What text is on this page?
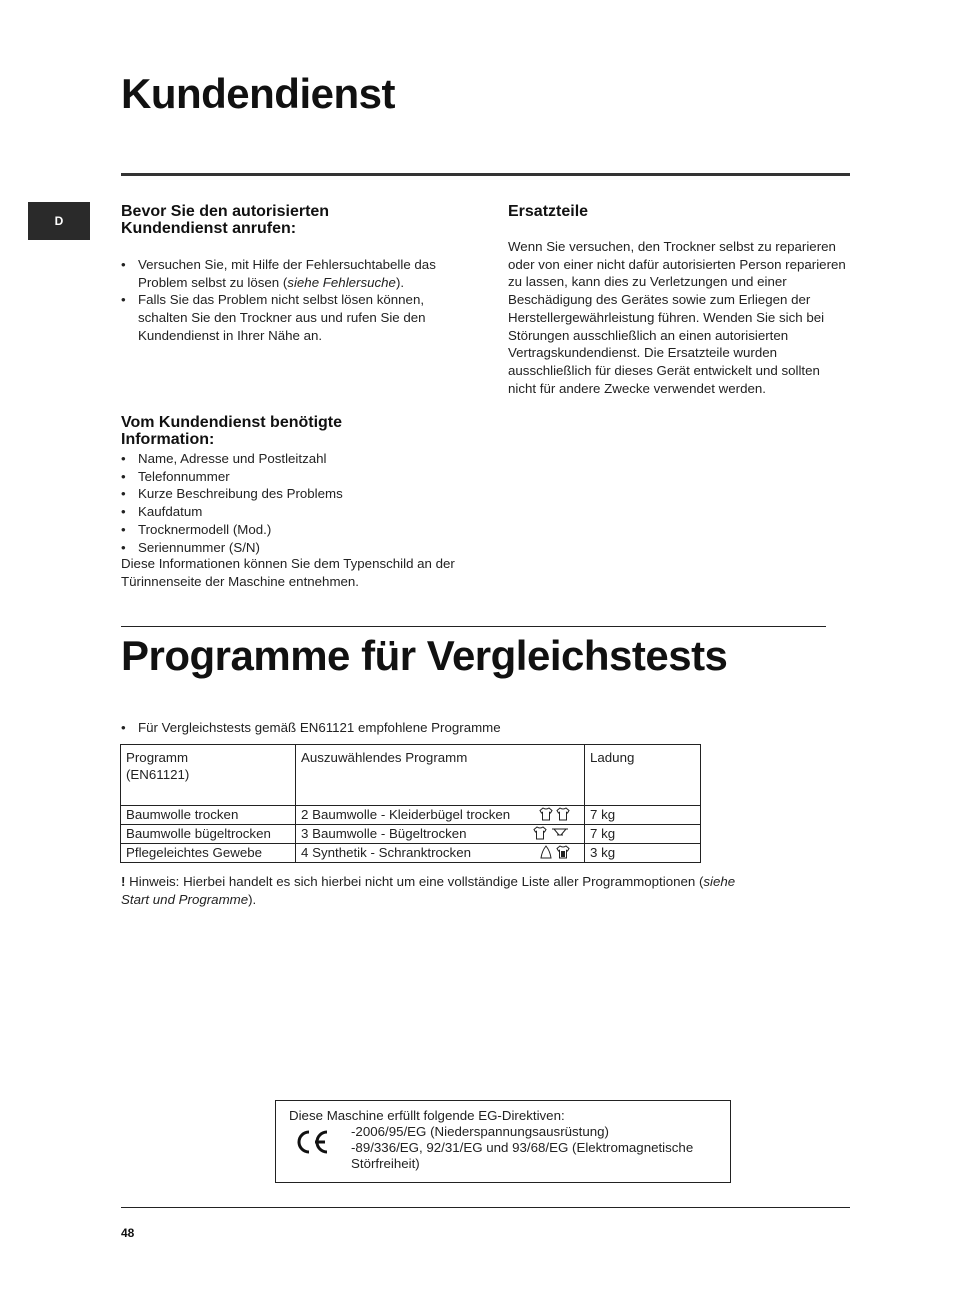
Kundendienst
D
Bevor Sie den autorisierten Kundendienst anrufen:
• Versuchen Sie, mit Hilfe der Fehlersuchtabelle das Problem selbst zu lösen (siehe Fehlersuche).
• Falls Sie das Problem nicht selbst lösen können, schalten Sie den Trockner aus und rufen Sie den Kundendienst in Ihrer Nähe an.
Vom Kundendienst benötigte Information:
• Name, Adresse und Postleitzahl
• Telefonnummer
• Kurze Beschreibung des Problems
• Kaufdatum
• Trocknermodell (Mod.)
• Seriennummer (S/N)
Diese Informationen können Sie dem Typenschild an der Türinnenseite der Maschine entnehmen.
Ersatzteile
Wenn Sie versuchen, den Trockner selbst zu reparieren oder von einer nicht dafür autorisierten Person reparieren zu lassen, kann dies zu Verletzungen und einer Beschädigung des Gerätes sowie zum Erliegen der Herstellergewährleistung führen. Wenden Sie sich bei Störungen ausschließlich an einen autorisierten Vertragskundendienst. Die Ersatzteile wurden ausschließlich für dieses Gerät entwickelt und sollten nicht für andere Zwecke verwendet werden.
Programme für Vergleichstests
• Für Vergleichstests gemäß EN61121 empfohlene Programme
Programm
(EN61121)	Auszuwählendes Programm	Ladung
Baumwolle trocken	2 Baumwolle - Kleiderbügel trocken	7 kg
Baumwolle bügeltrocken	3 Baumwolle - Bügeltrocken	7 kg
Pflegeleichtes Gewebe	4 Synthetik - Schranktrocken	3 kg
! Hinweis: Hierbei handelt es sich hierbei nicht um eine vollständige Liste aller Programmoptionen (siehe Start und Programme).
Diese Maschine erfüllt folgende EG-Direktiven:
-2006/95/EG (Niederspannungsausrüstung)
-89/336/EG, 92/31/EG und 93/68/EG (Elektromagnetische Störfreiheit)
48
